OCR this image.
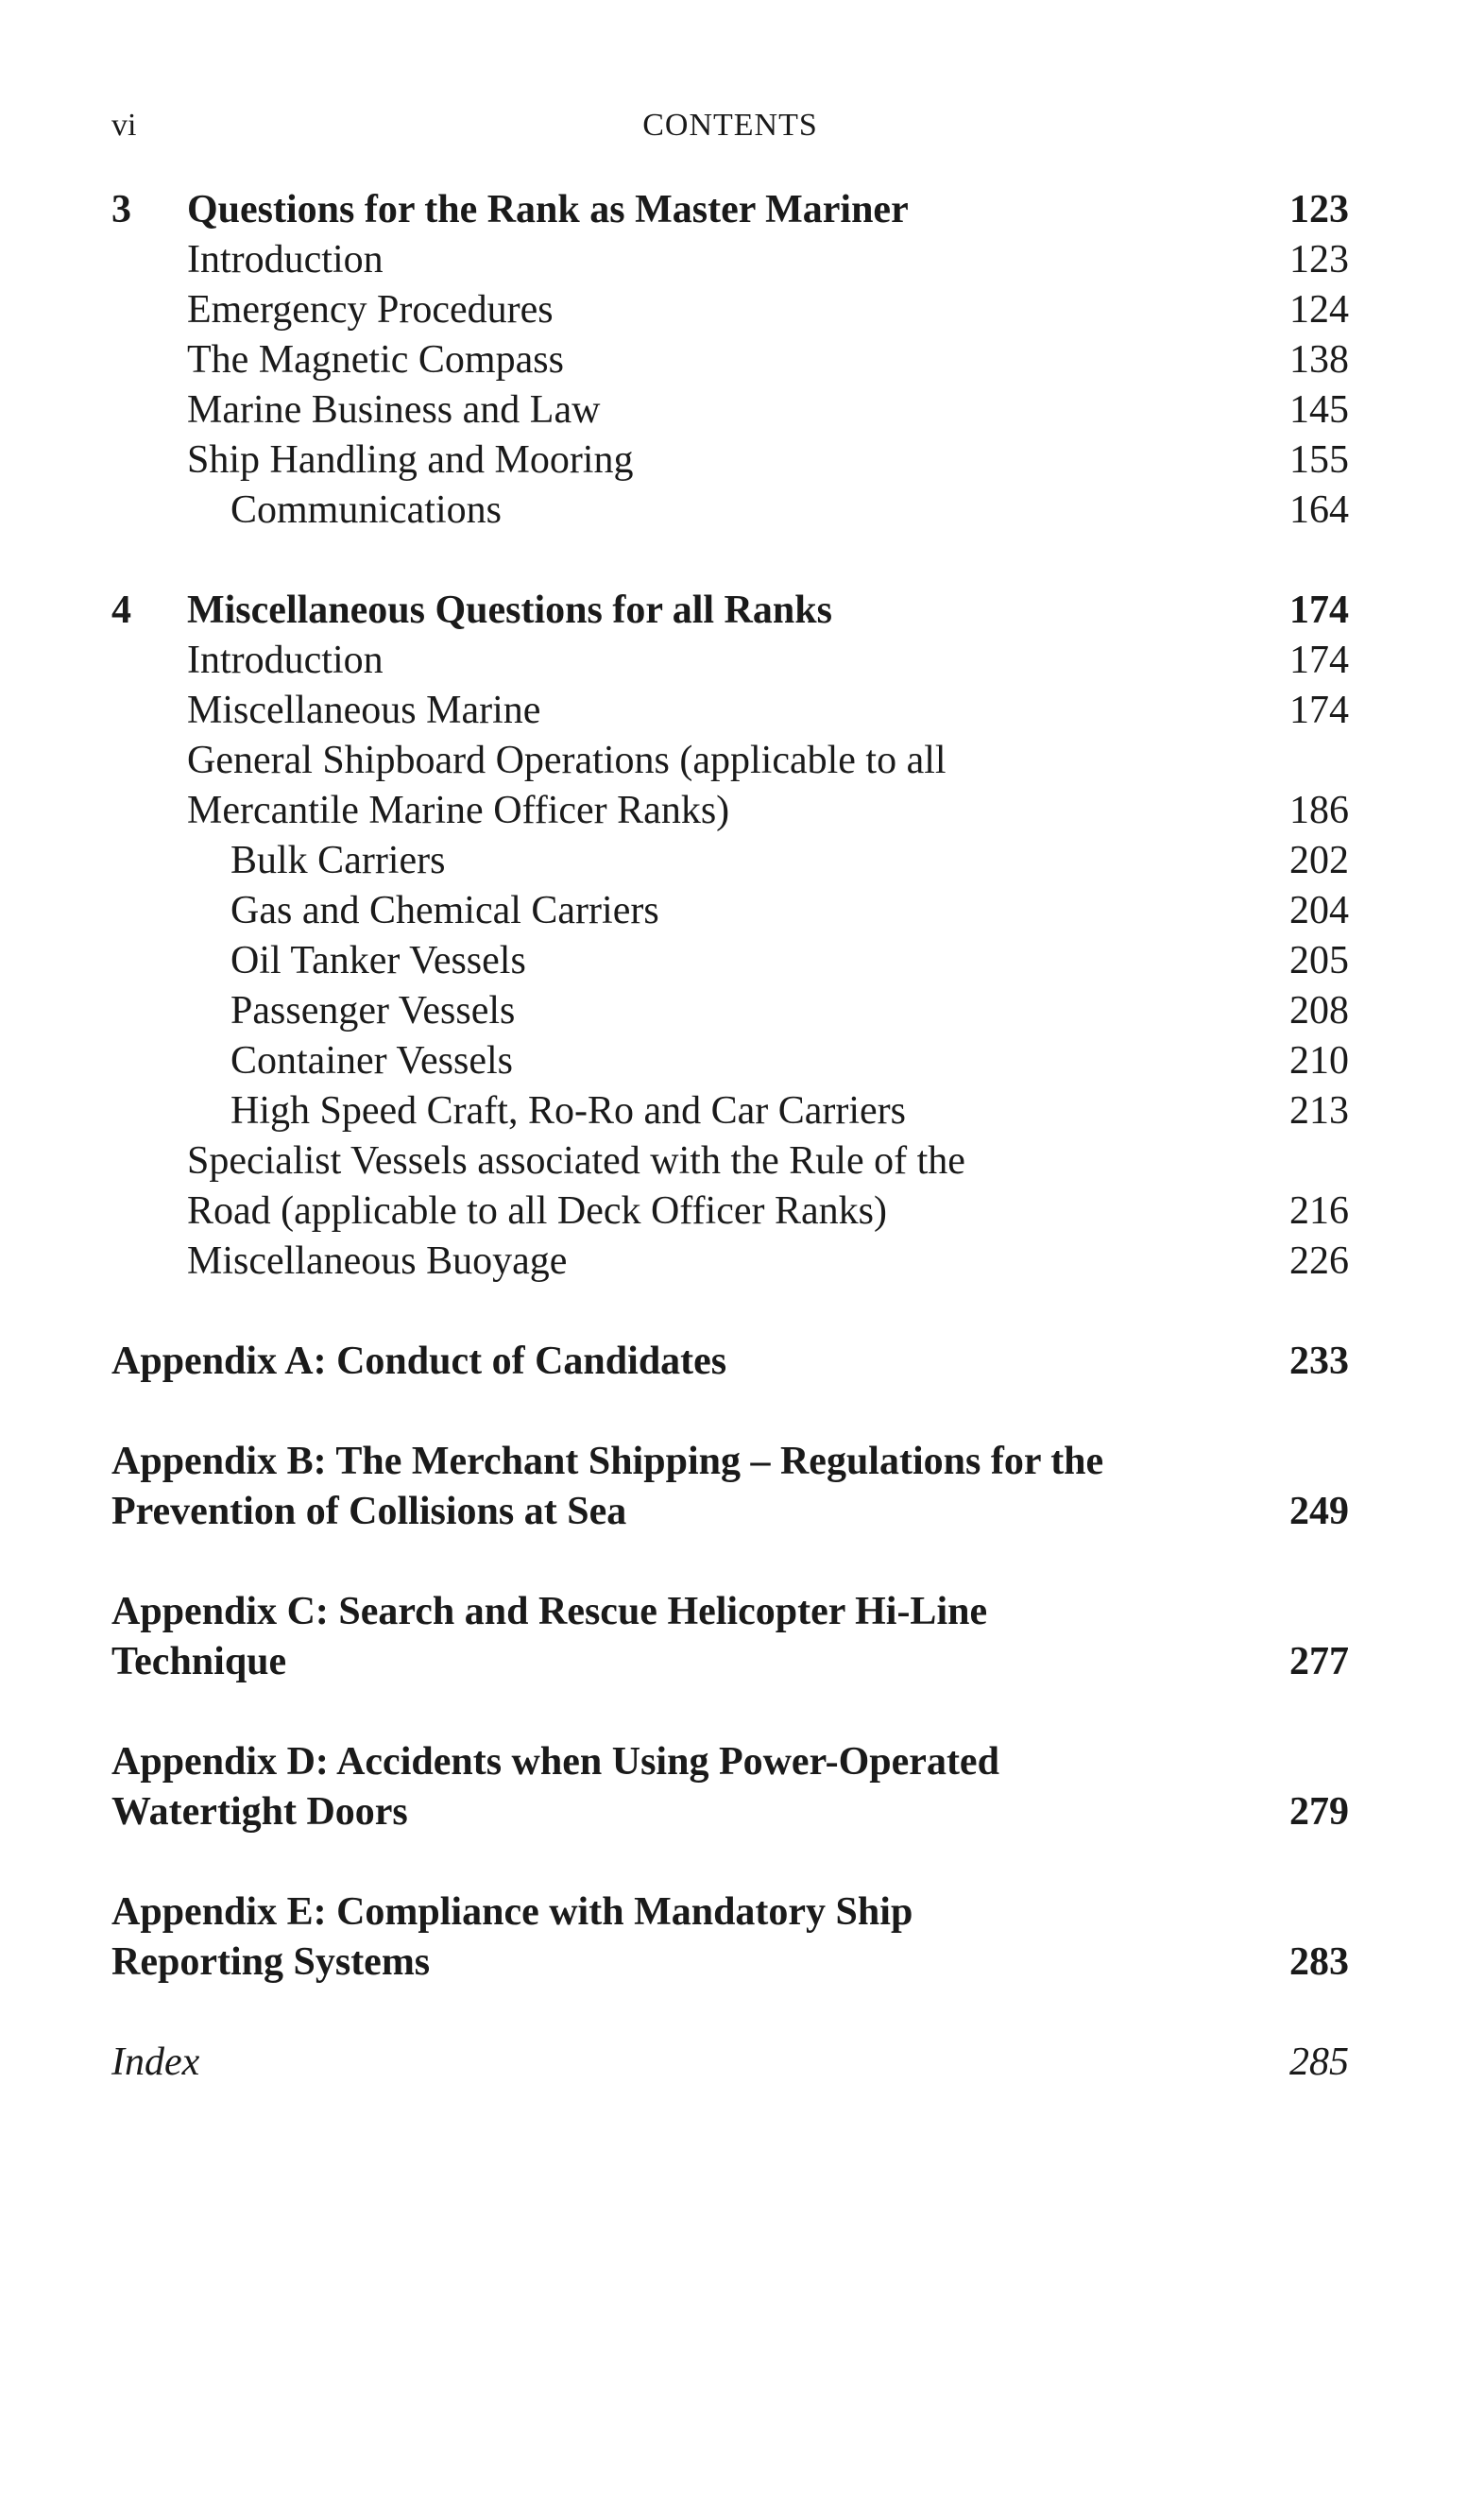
vi	CONTENTS
3 Questions for the Rank as Master Mariner	123
Introduction	123
Emergency Procedures	124
The Magnetic Compass	138
Marine Business and Law	145
Ship Handling and Mooring	155
Communications	164
4 Miscellaneous Questions for all Ranks	174
Introduction	174
Miscellaneous Marine	174
General Shipboard Operations (applicable to all
Mercantile Marine Officer Ranks)	186
Bulk Carriers	202
Gas and Chemical Carriers	204
Oil Tanker Vessels	205
Passenger Vessels	208
Container Vessels	210
High Speed Craft, Ro-Ro and Car Carriers	213
Specialist Vessels associated with the Rule of the
Road (applicable to all Deck Officer Ranks)	216
Miscellaneous Buoyage	226
Appendix A: Conduct of Candidates	233
Appendix B: The Merchant Shipping – Regulations for the
Prevention of Collisions at Sea	249
Appendix C: Search and Rescue Helicopter Hi-Line
Technique	277
Appendix D: Accidents when Using Power-Operated
Watertight Doors	279
Appendix E: Compliance with Mandatory Ship
Reporting Systems	283
Index	285
